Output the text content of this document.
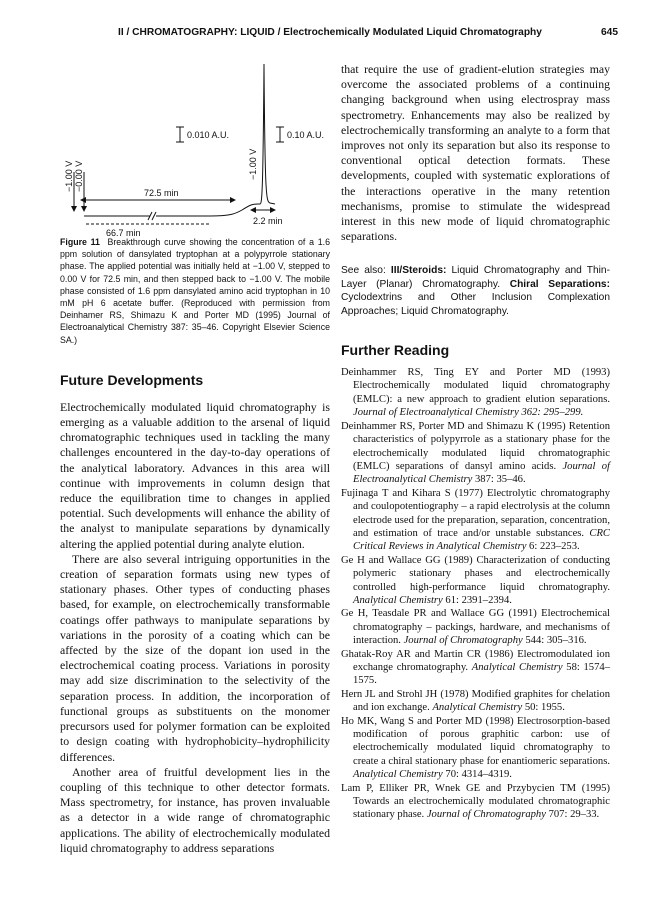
II / CHROMATOGRAPHY: LIQUID / Electrochemically Modulated Liquid Chromatography	645
0.010 A.U.	0.10 A.U.
−1.00 V −0.00 V	−1.00 V
72.5 min
66.7 min
2.2 min

Figure 11 Breakthrough curve showing the concentration of a 1.6 ppm solution of dansylated tryptophan at a polypyrrole stationary phase. The applied potential was initially held at −1.00 V, stepped to 0.00 V for 72.5 min, and then stepped back to −1.00 V. The mobile phase consisted of 1.6 ppm dansylated amino acid tryptophan in 10 mM pH 6 acetate buffer. (Reproduced with permission from Deinhamer RS, Shimazu K and Porter MD (1995) Journal of Electroanalytical Chemistry 387: 35–46. Copyright Elsevier Science SA.)

Future Developments

Electrochemically modulated liquid chromatography is emerging as a valuable addition to the arsenal of liquid chromatographic techniques used in tackling the many challenges encountered in the day-to-day operations of the analytical laboratory. Advances in this area will continue with improvements in column design that reduce the equilibration time to changes in applied potential. Such developments will enhance the ability of the analyst to manipulate separations by dynamically altering the applied potential during analyte elution.

There are also several intriguing opportunities in the creation of separation formats using new types of stationary phases. Other types of conducting phases based, for example, on electrochemically transformable coatings offer pathways to manipulate separations by variations in the porosity of a coating which can be affected by the size of the dopant ion used in the electrochemical coating process. Variations in porosity may add size discrimination to the selectivity of the separation process. In addition, the incorporation of functional groups as substituents on the monomer precursors used for polymer formation can be exploited to design coating with hydrophobicity–hydrophilicity differences.

Another area of fruitful development lies in the coupling of this technique to other detector formats. Mass spectrometry, for instance, has proven invaluable as a detector in a wide range of chromatographic applications. The ability of electrochemically modulated liquid chromatography to address separations

that require the use of gradient-elution strategies may overcome the associated problems of a continuing changing background when using electrospray mass spectrometry. Enhancements may also be realized by electrochemically transforming an analyte to a form that improves not only its separation but also its response to conventional optical detection formats. These developments, coupled with systematic explorations of the interactions operative in the many retention mechanisms, promise to stimulate the widespread interest in this new mode of liquid chromatographic separations.

See also: III/Steroids: Liquid Chromatography and Thin-Layer (Planar) Chromatography. Chiral Separations: Cyclodextrins and Other Inclusion Complexation Approaches; Liquid Chromatography.

Further Reading
Deinhammer RS, Ting EY and Porter MD (1993) Electrochemically modulated liquid chromatography (EMLC): a new approach to gradient elution separations. Journal of Electroanalytical Chemistry 362: 295–299.
Deinhammer RS, Porter MD and Shimazu K (1995) Retention characteristics of polypyrrole as a stationary phase for the electrochemically modulated liquid chromatographic (EMLC) separations of dansyl amino acids. Journal of Electroanalytical Chemistry 387: 35–46.
Fujinaga T and Kihara S (1977) Electrolytic chromatography and coulopotentiography – a rapid electrolysis at the column electrode used for the preparation, separation, concentration, and estimation of trace and/or unstable substances. CRC Critical Reviews in Analytical Chemistry 6: 223–253.
Ge H and Wallace GG (1989) Characterization of conducting polymeric stationary phases and electrochemically controlled high-performance liquid chromatography. Analytical Chemistry 61: 2391–2394.
Ge H, Teasdale PR and Wallace GG (1991) Electrochemical chromatography – packings, hardware, and mechanisms of interaction. Journal of Chromatography 544: 305–316.
Ghatak-Roy AR and Martin CR (1986) Electromodulated ion exchange chromatography. Analytical Chemistry 58: 1574–1575.
Hern JL and Strohl JH (1978) Modified graphites for chelation and ion exchange. Analytical Chemistry 50: 1955.
Ho MK, Wang S and Porter MD (1998) Electrosorption-based modification of porous graphitic carbon: use of electrochemically modulated liquid chromatography to create a chiral stationary phase for enantiomeric separations. Analytical Chemistry 70: 4314–4319.
Lam P, Elliker PR, Wnek GE and Przybycien TM (1995) Towards an electrochemically modulated chromatographic stationary phase. Journal of Chromatography 707: 29–33.
